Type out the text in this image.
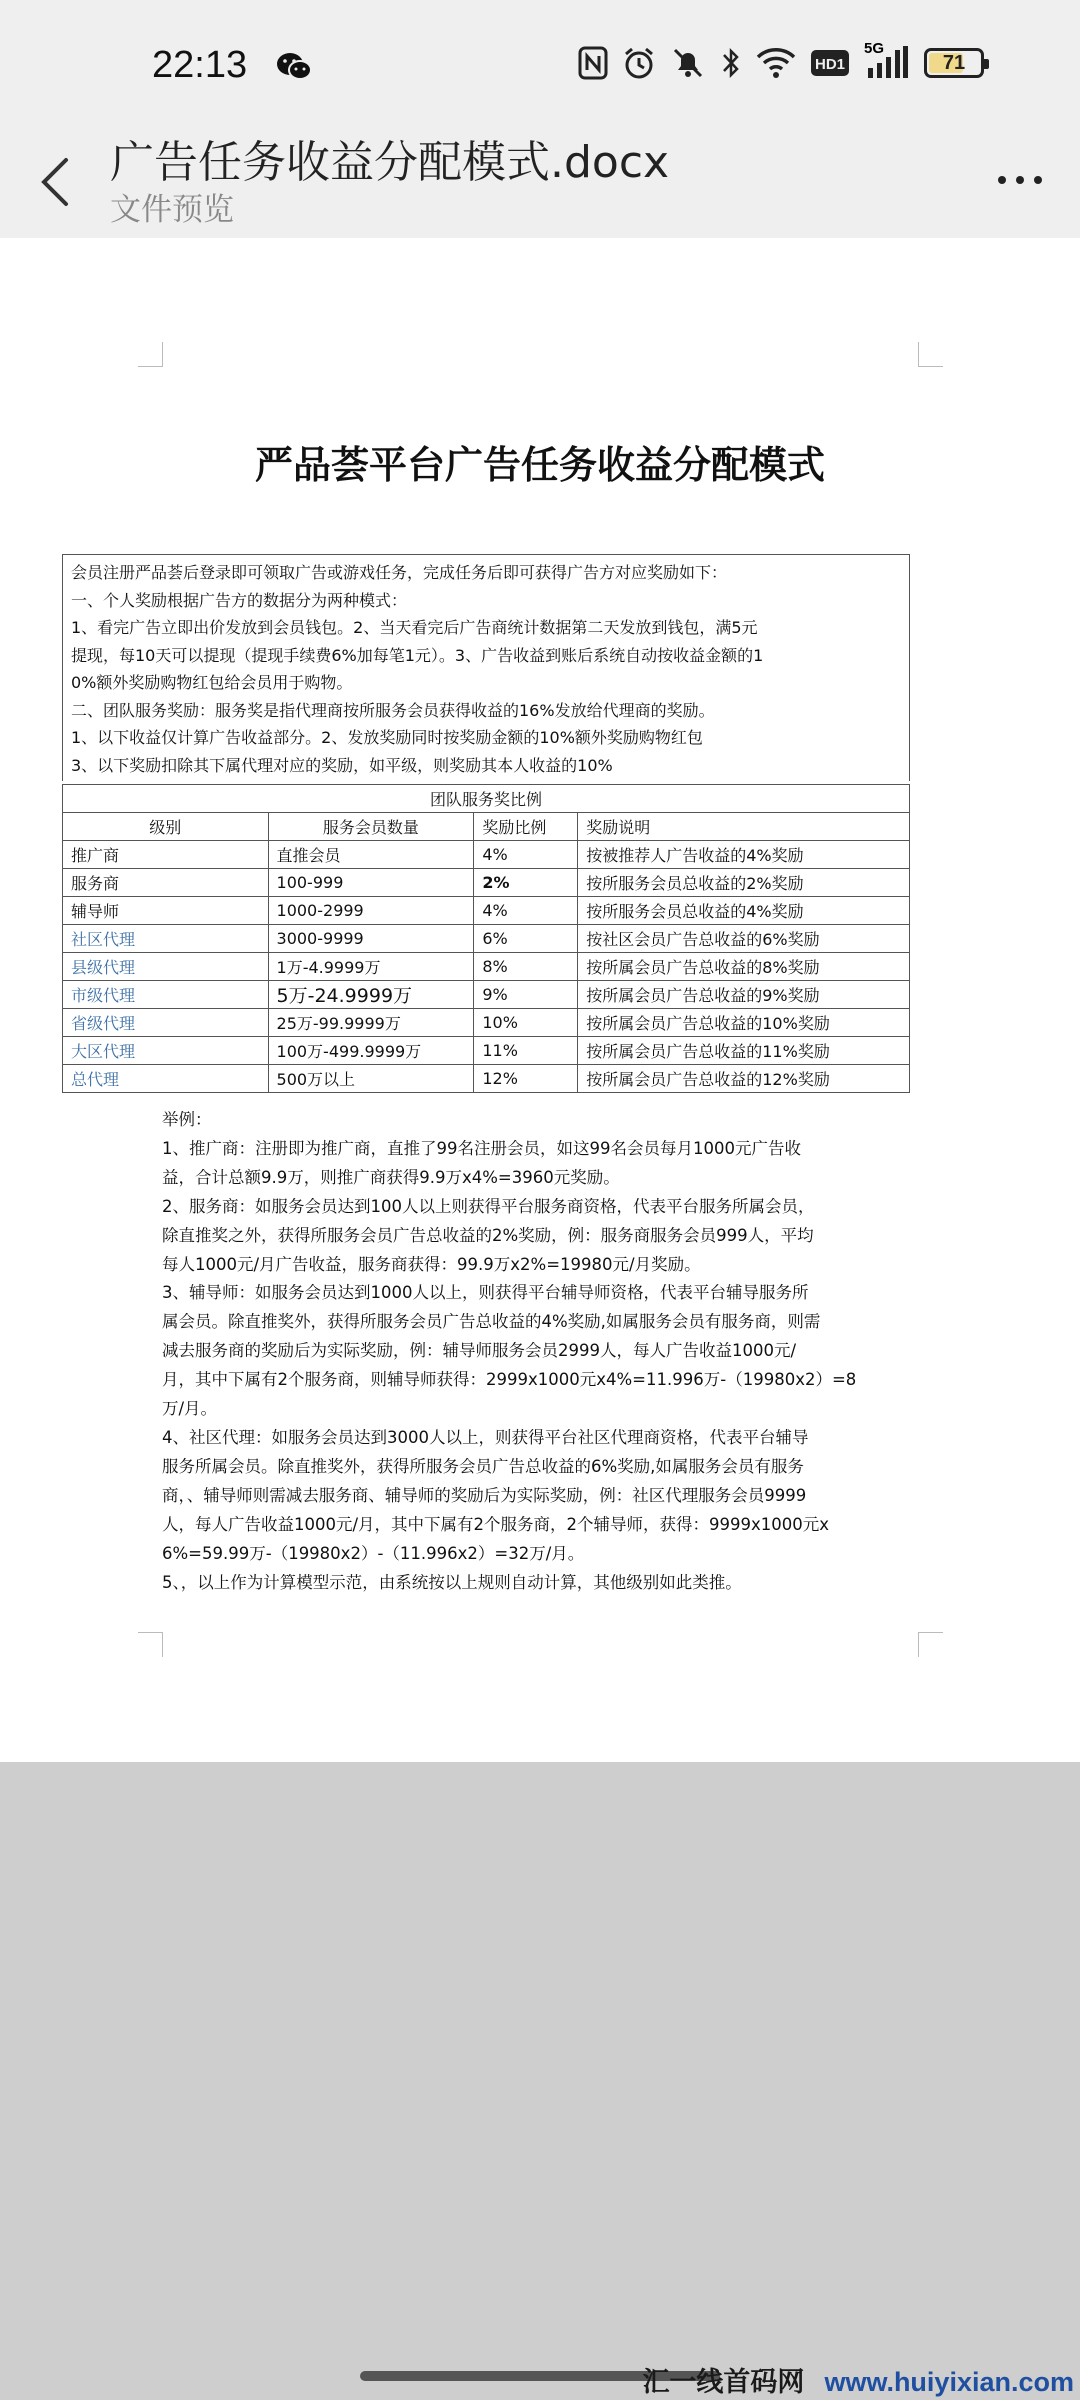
22:13	HD1
5G
71
广告任务收益分配模式.docx
文件预览
严品荟平台广告任务收益分配模式

会员注册严品荟后登录即可领取广告或游戏任务，完成任务后即可获得广告方对应奖励如下：

一、个人奖励根据广告方的数据分为两种模式：

1、看完广告立即出价发放到会员钱包。2、当天看完后广告商统计数据第二天发放到钱包，满5元

提现，每10天可以提现（提现手续费6%加每笔1元）。3、广告收益到账后系统自动按收益金额的1

0%额外奖励购物红包给会员用于购物。

二、团队服务奖励：服务奖是指代理商按所服务会员获得收益的16%发放给代理商的奖励。

1、以下收益仅计算广告收益部分。2、发放奖励同时按奖励金额的10%额外奖励购物红包

3、以下奖励扣除其下属代理对应的奖励，如平级，则奖励其本人收益的10%

团队服务奖比例			
级别	服务会员数量	奖励比例	奖励说明
推广商	直推会员	4%	按被推荐人广告收益的4%奖励
服务商	100-999	2%	按所服务会员总收益的2%奖励
辅导师	1000-2999	4%	按所服务会员总收益的4%奖励
社区代理	3000-9999	6%	按社区会员广告总收益的6%奖励
县级代理	1万-4.9999万	8%	按所属会员广告总收益的8%奖励
市级代理	5万-24.9999万	9%	按所属会员广告总收益的9%奖励
省级代理	25万-99.9999万	10%	按所属会员广告总收益的10%奖励
大区代理	100万-499.9999万	11%	按所属会员广告总收益的11%奖励
总代理	500万以上	12%	按所属会员广告总收益的12%奖励

举例：

1、推广商：注册即为推广商，直推了99名注册会员，如这99名会员每月1000元广告收

益，合计总额9.9万，则推广商获得9.9万x4%=3960元奖励。

2、服务商：如服务会员达到100人以上则获得平台服务商资格，代表平台服务所属会员，

除直推奖之外，获得所服务会员广告总收益的2%奖励，例：服务商服务会员999人，平均

每人1000元/月广告收益，服务商获得：99.9万x2%=19980元/月奖励。

3、辅导师：如服务会员达到1000人以上，则获得平台辅导师资格，代表平台辅导服务所

属会员。除直推奖外，获得所服务会员广告总收益的4%奖励,如属服务会员有服务商，则需

减去服务商的奖励后为实际奖励，例：辅导师服务会员2999人，每人广告收益1000元/

月，其中下属有2个服务商，则辅导师获得：2999x1000元x4%=11.996万-（19980x2）=8

万/月。

4、社区代理：如服务会员达到3000人以上，则获得平台社区代理商资格，代表平台辅导

服务所属会员。除直推奖外，获得所服务会员广告总收益的6%奖励,如属服务会员有服务

商，、辅导师则需减去服务商、辅导师的奖励后为实际奖励，例：社区代理服务会员9999

人，每人广告收益1000元/月，其中下属有2个服务商，2个辅导师，获得：9999x1000元x

6%=59.99万-（19980x2）-（11.996x2）=32万/月。

5、，以上作为计算模型示范，由系统按以上规则自动计算，其他级别如此类推。

汇一线首码网 www.huiyixian.com
